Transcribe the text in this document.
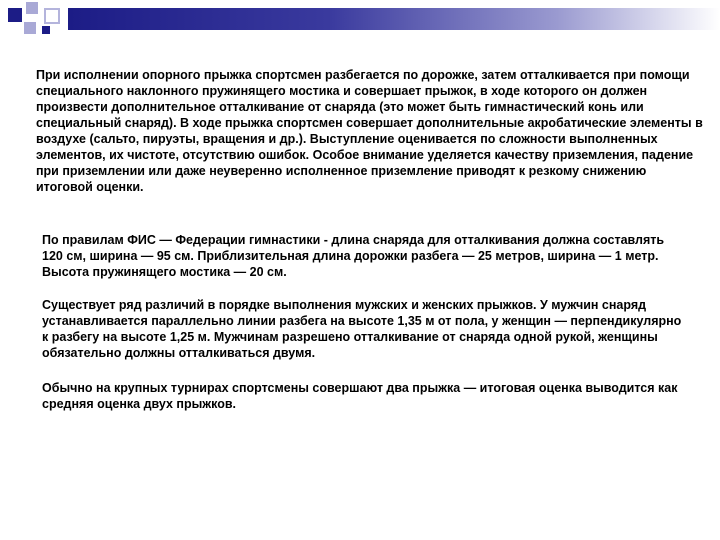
При исполнении опорного прыжка спортсмен разбегается по дорожке, затем отталкивается при помощи специального наклонного пружинящего мостика и совершает прыжок, в ходе которого он должен произвести дополнительное отталкивание от снаряда (это может быть гимнастический конь или специальный снаряд). В ходе прыжка спортсмен совершает дополнительные акробатические элементы в воздухе (сальто, пируэты, вращения и др.). Выступление оценивается по сложности выполненных элементов, их чистоте, отсутствию ошибок. Особое внимание уделяется качеству приземления, падение при приземлении или даже неуверенно исполненное приземление приводят к резкому снижению итоговой оценки.

По правилам ФИС — Федерации гимнастики - длина снаряда для отталкивания должна составлять 120 см, ширина — 95 см. Приблизительная длина дорожки разбега — 25 метров, ширина — 1 метр. Высота пружинящего мостика — 20 см.

Существует ряд различий в порядке выполнения мужских и женских прыжков. У мужчин снаряд устанавливается параллельно линии разбега на высоте 1,35 м от пола, у женщин — перпендикулярно к разбегу на высоте 1,25 м. Мужчинам разрешено отталкивание от снаряда одной рукой, женщины обязательно должны отталкиваться двумя.

Обычно на крупных турнирах спортсмены совершают два прыжка — итоговая оценка выводится как средняя оценка двух прыжков.
